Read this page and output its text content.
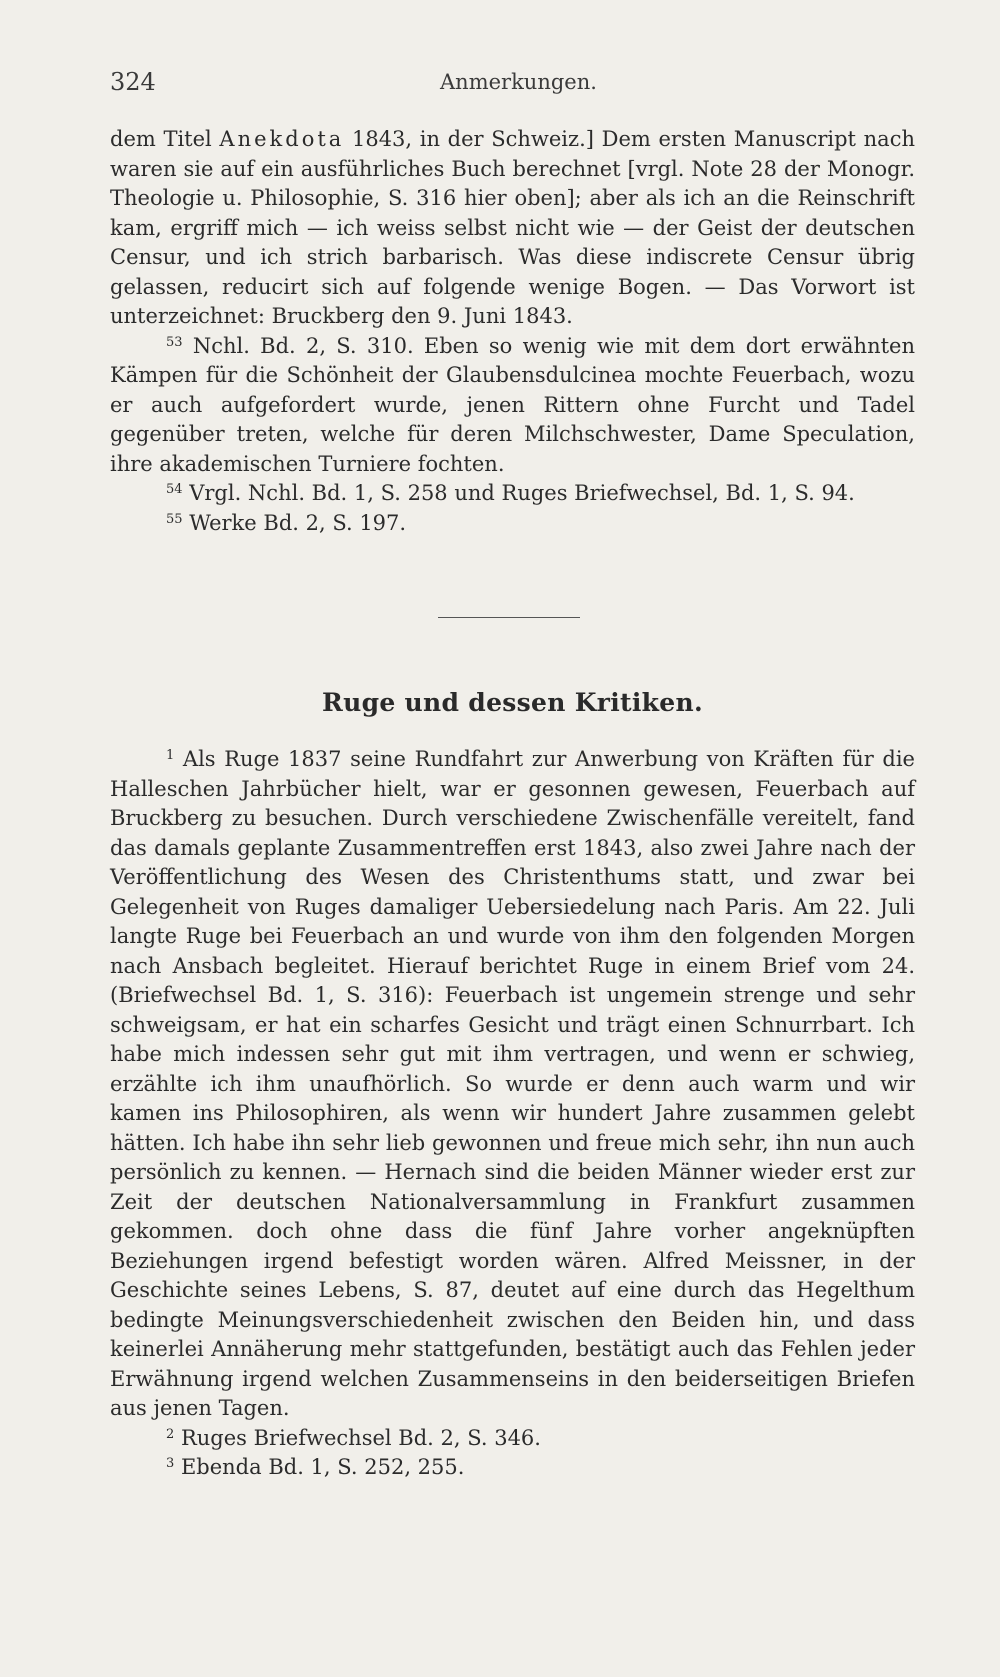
324	Anmerkungen.

dem Titel Anekdota 1843, in der Schweiz.] Dem ersten Manuscript nach waren sie auf ein ausführliches Buch berechnet [vrgl. Note 28 der Monogr. Theologie u. Philosophie, S. 316 hier oben]; aber als ich an die Reinschrift kam, ergriff mich — ich weiss selbst nicht wie — der Geist der deutschen Censur, und ich strich barbarisch. Was diese indiscrete Censur übrig gelassen, reducirt sich auf folgende wenige Bogen. — Das Vorwort ist unterzeichnet: Bruckberg den 9. Juni 1843.

$^{53}$ Nchl. Bd. 2, S. 310. Eben so wenig wie mit dem dort erwähnten Kämpen für die Schönheit der Glaubensdulcinea mochte Feuerbach, wozu er auch aufgefordert wurde, jenen Rittern ohne Furcht und Tadel gegenüber treten, welche für deren Milchschwester, Dame Speculation, ihre akademischen Turniere fochten.

$^{54}$ Vrgl. Nchl. Bd. 1, S. 258 und Ruges Briefwechsel, Bd. 1, S. 94.

$^{55}$ Werke Bd. 2, S. 197.

Ruge und dessen Kritiken.

$^1$ Als Ruge 1837 seine Rundfahrt zur Anwerbung von Kräften für die Halleschen Jahrbücher hielt, war er gesonnen gewesen, Feuerbach auf Bruckberg zu besuchen. Durch verschiedene Zwischenfälle vereitelt, fand das damals geplante Zusammentreffen erst 1843, also zwei Jahre nach der Veröffentlichung des Wesen des Christenthums statt, und zwar bei Gelegenheit von Ruges damaliger Uebersiedelung nach Paris. Am 22. Juli langte Ruge bei Feuerbach an und wurde von ihm den folgenden Morgen nach Ansbach begleitet. Hierauf berichtet Ruge in einem Brief vom 24. (Briefwechsel Bd. 1, S. 316): Feuerbach ist ungemein strenge und sehr schweigsam, er hat ein scharfes Gesicht und trägt einen Schnurrbart. Ich habe mich indessen sehr gut mit ihm vertragen, und wenn er schwieg, erzählte ich ihm unaufhörlich. So wurde er denn auch warm und wir kamen ins Philosophiren, als wenn wir hundert Jahre zusammen gelebt hätten. Ich habe ihn sehr lieb gewonnen und freue mich sehr, ihn nun auch persönlich zu kennen. — Hernach sind die beiden Männer wieder erst zur Zeit der deutschen Nationalversammlung in Frankfurt zusammen gekommen. doch ohne dass die fünf Jahre vorher angeknüpften Beziehungen irgend befestigt worden wären. Alfred Meissner, in der Geschichte seines Lebens, S. 87, deutet auf eine durch das Hegelthum bedingte Meinungsverschiedenheit zwischen den Beiden hin, und dass keinerlei Annäherung mehr stattgefunden, bestätigt auch das Fehlen jeder Erwähnung irgend welchen Zusammenseins in den beiderseitigen Briefen aus jenen Tagen.

$^2$ Ruges Briefwechsel Bd. 2, S. 346.

$^3$ Ebenda Bd. 1, S. 252, 255.
